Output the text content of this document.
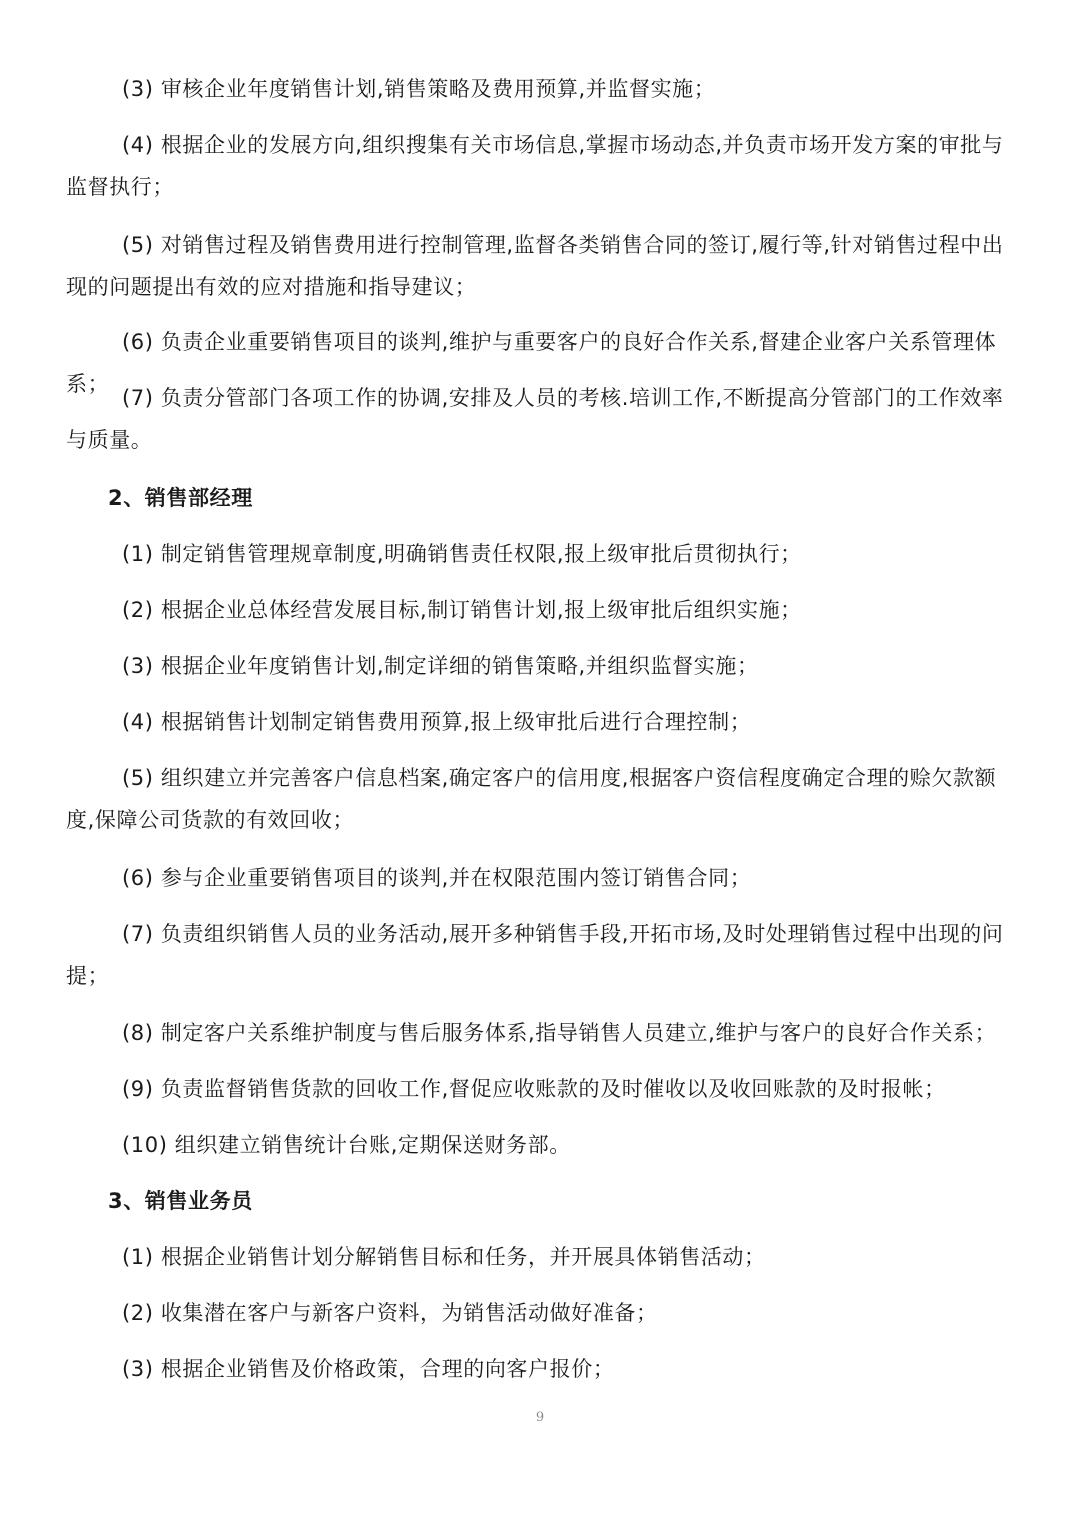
(3) 审核企业年度销售计划,销售策略及费用预算,并监督实施；
(4) 根据企业的发展方向,组织搜集有关市场信息,掌握市场动态,并负责市场开发方案的审批与监督执行；
(5) 对销售过程及销售费用进行控制管理,监督各类销售合同的签订,履行等,针对销售过程中出现的问题提出有效的应对措施和指导建议；
(6) 负责企业重要销售项目的谈判,维护与重要客户的良好合作关系,督建企业客户关系管理体系；
(7) 负责分管部门各项工作的协调,安排及人员的考核.培训工作,不断提高分管部门的工作效率与质量。
2、销售部经理
(1) 制定销售管理规章制度,明确销售责任权限,报上级审批后贯彻执行；
(2) 根据企业总体经营发展目标,制订销售计划,报上级审批后组织实施；
(3) 根据企业年度销售计划,制定详细的销售策略,并组织监督实施；
(4) 根据销售计划制定销售费用预算,报上级审批后进行合理控制；
(5) 组织建立并完善客户信息档案,确定客户的信用度,根据客户资信程度确定合理的赊欠款额度,保障公司货款的有效回收；
(6) 参与企业重要销售项目的谈判,并在权限范围内签订销售合同；
(7) 负责组织销售人员的业务活动,展开多种销售手段,开拓市场,及时处理销售过程中出现的问提；
(8) 制定客户关系维护制度与售后服务体系,指导销售人员建立,维护与客户的良好合作关系；
(9) 负责监督销售货款的回收工作,督促应收账款的及时催收以及收回账款的及时报帐；
(10) 组织建立销售统计台账,定期保送财务部。
3、销售业务员
(1) 根据企业销售计划分解销售目标和任务，并开展具体销售活动；
(2) 收集潜在客户与新客户资料，为销售活动做好准备；
(3) 根据企业销售及价格政策，合理的向客户报价；
9
